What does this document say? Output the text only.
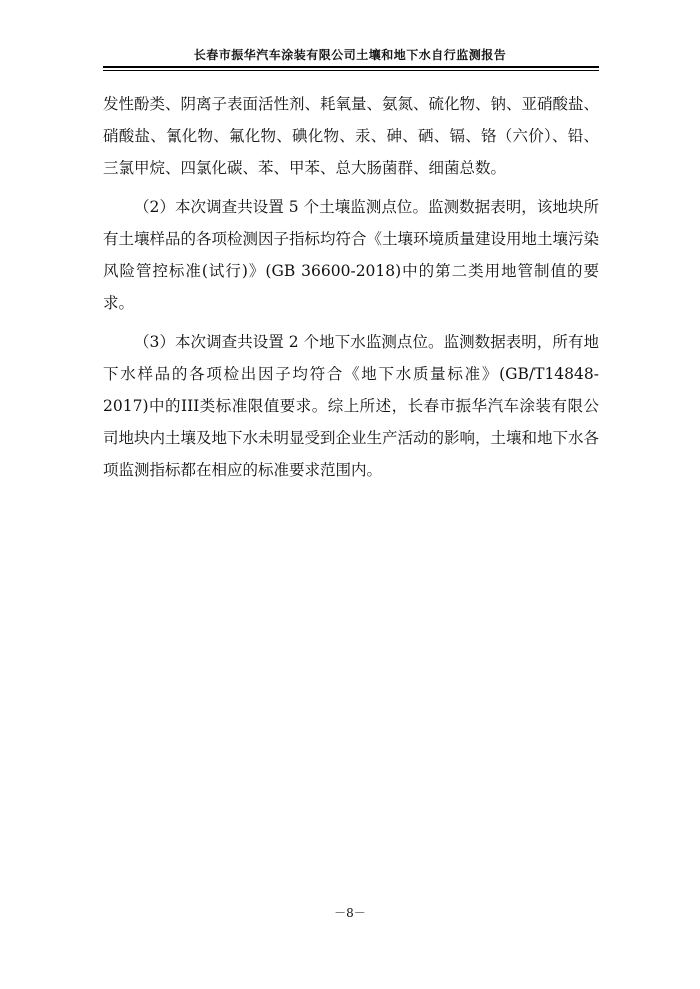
长春市振华汽车涂装有限公司土壤和地下水自行监测报告

发性酚类、阴离子表面活性剂、耗氧量、氨氮、硫化物、钠、亚硝酸盐、硝酸盐、氰化物、氟化物、碘化物、汞、砷、硒、镉、铬（六价）、铅、三氯甲烷、四氯化碳、苯、甲苯、总大肠菌群、细菌总数。

（2）本次调查共设置 5 个土壤监测点位。监测数据表明，该地块所有土壤样品的各项检测因子指标均符合《土壤环境质量建设用地土壤污染风险管控标准(试行)》(GB 36600-2018)中的第二类用地管制值的要求。

（3）本次调查共设置 2 个地下水监测点位。监测数据表明，所有地下水样品的各项检出因子均符合《地下水质量标准》(GB/T14848-2017)中的III类标准限值要求。综上所述，长春市振华汽车涂装有限公司地块内土壤及地下水未明显受到企业生产活动的影响，土壤和地下水各项监测指标都在相应的标准要求范围内。

－8－
